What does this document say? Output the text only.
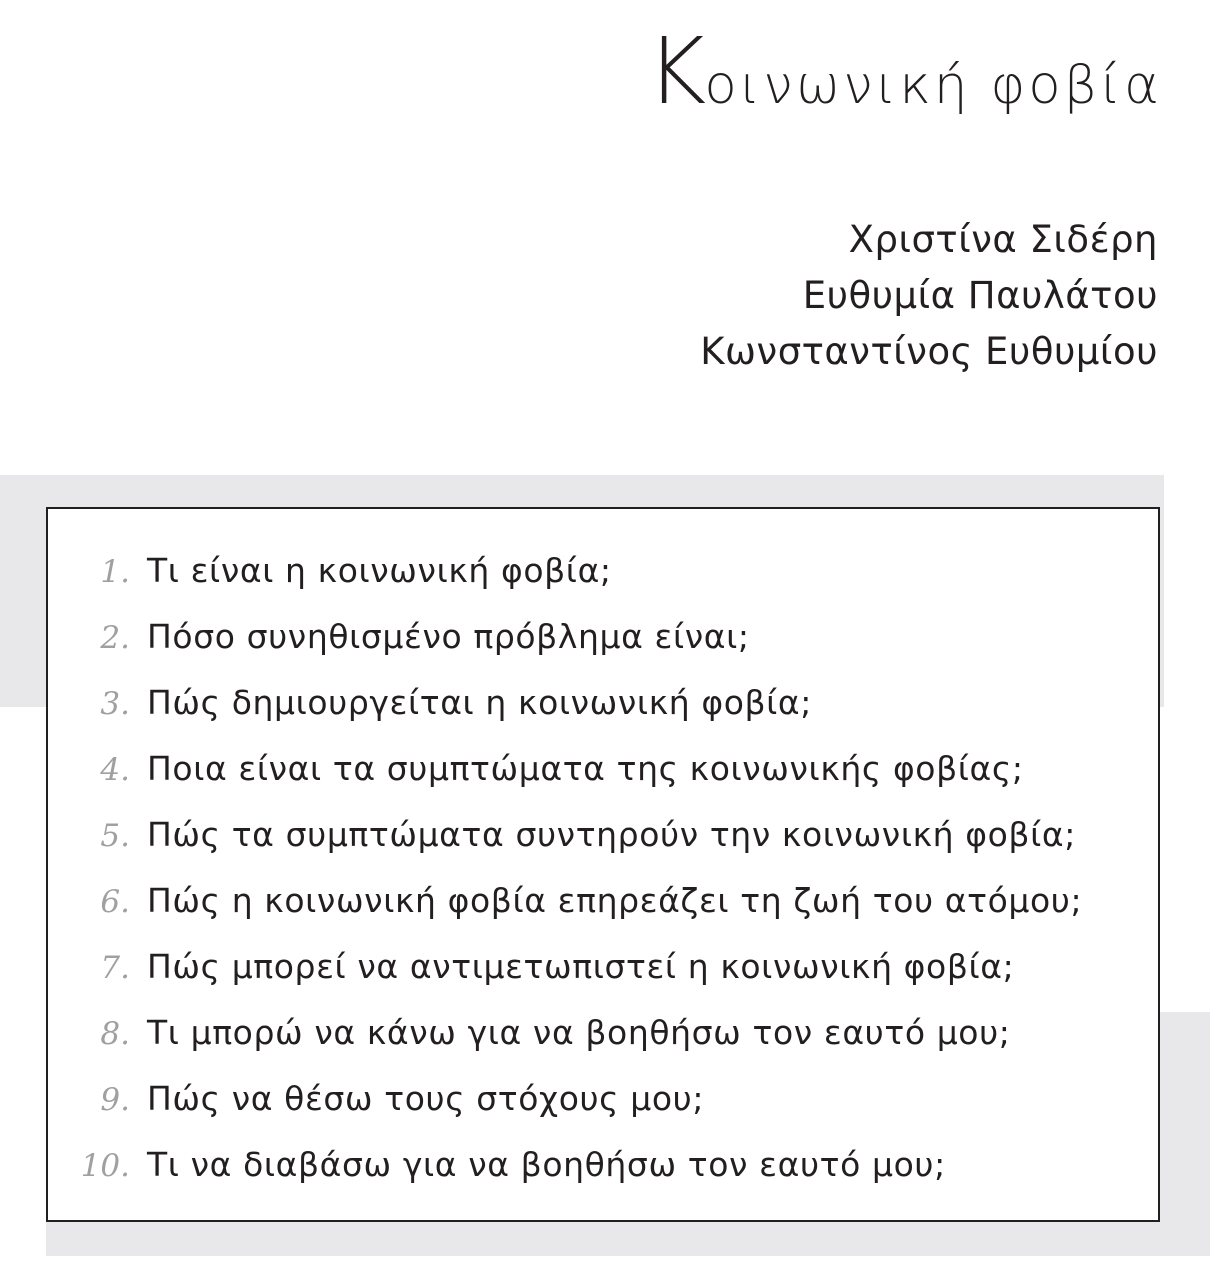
Κοινωνική φοβία
Χριστίνα Σιδέρη
Ευθυμία Παυλάτου
Κωνσταντίνος Ευθυμίου
1. Τι είναι η κοινωνική φοβία;
2. Πόσο συνηθισμένο πρόβλημα είναι;
3. Πώς δημιουργείται η κοινωνική φοβία;
4. Ποια είναι τα συμπτώματα της κοινωνικής φοβίας;
5. Πώς τα συμπτώματα συντηρούν την κοινωνική φοβία;
6. Πώς η κοινωνική φοβία επηρεάζει τη ζωή του ατόμου;
7. Πώς μπορεί να αντιμετωπιστεί η κοινωνική φοβία;
8. Τι μπορώ να κάνω για να βοηθήσω τον εαυτό μου;
9. Πώς να θέσω τους στόχους μου;
10. Τι να διαβάσω για να βοηθήσω τον εαυτό μου;
